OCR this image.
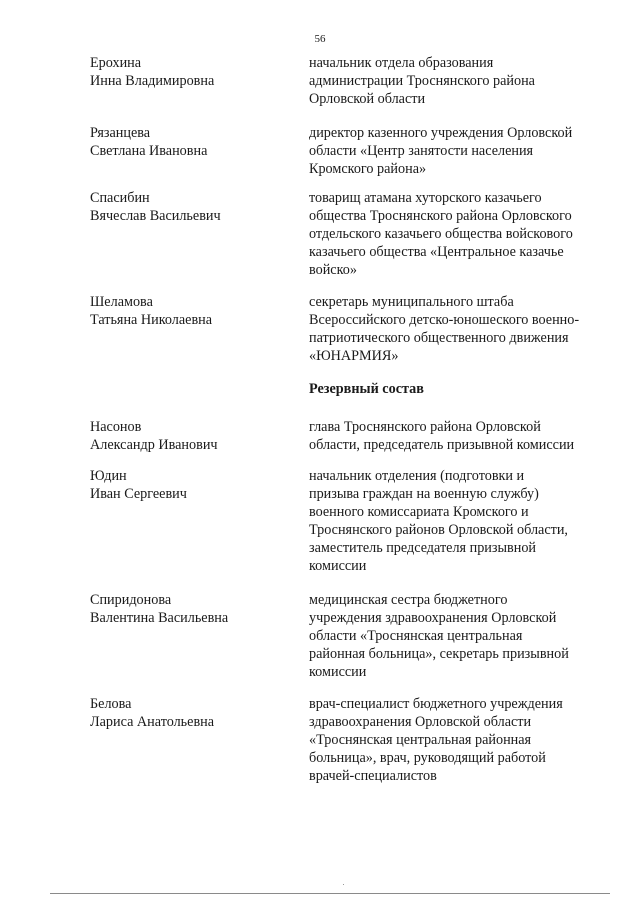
56
Ерохина
Инна Владимировна
начальник отдела образования
администрации Троснянского района
Орловской области
Рязанцева
Светлана Ивановна
директор казенного учреждения Орловской
области «Центр занятости населения
Кромского района»
Спасибин
Вячеслав Васильевич
товарищ атамана хуторского казачьего
общества Троснянского района Орловского
отдельского казачьего общества войскового
казачьего общества «Центральное казачье
войско»
Шеламова
Татьяна Николаевна
секретарь муниципального штаба
Всероссийского детско-юношеского военно-
патриотического общественного движения
«ЮНАРМИЯ»
Резервный состав
Насонов
Александр Иванович
глава Троснянского района Орловской
области, председатель призывной комиссии
Юдин
Иван Сергеевич
начальник отделения (подготовки и
призыва граждан на военную службу)
военного комиссариата Кромского и
Троснянского районов Орловской области,
заместитель председателя призывной
комиссии
Спиридонова
Валентина Васильевна
медицинская сестра бюджетного
учреждения здравоохранения Орловской
области «Троснянская центральная
районная больница», секретарь призывной
комиссии
Белова
Лариса Анатольевна
врач-специалист бюджетного учреждения
здравоохранения Орловской области
«Троснянская центральная районная
больница», врач, руководящий работой
врачей-специалистов
